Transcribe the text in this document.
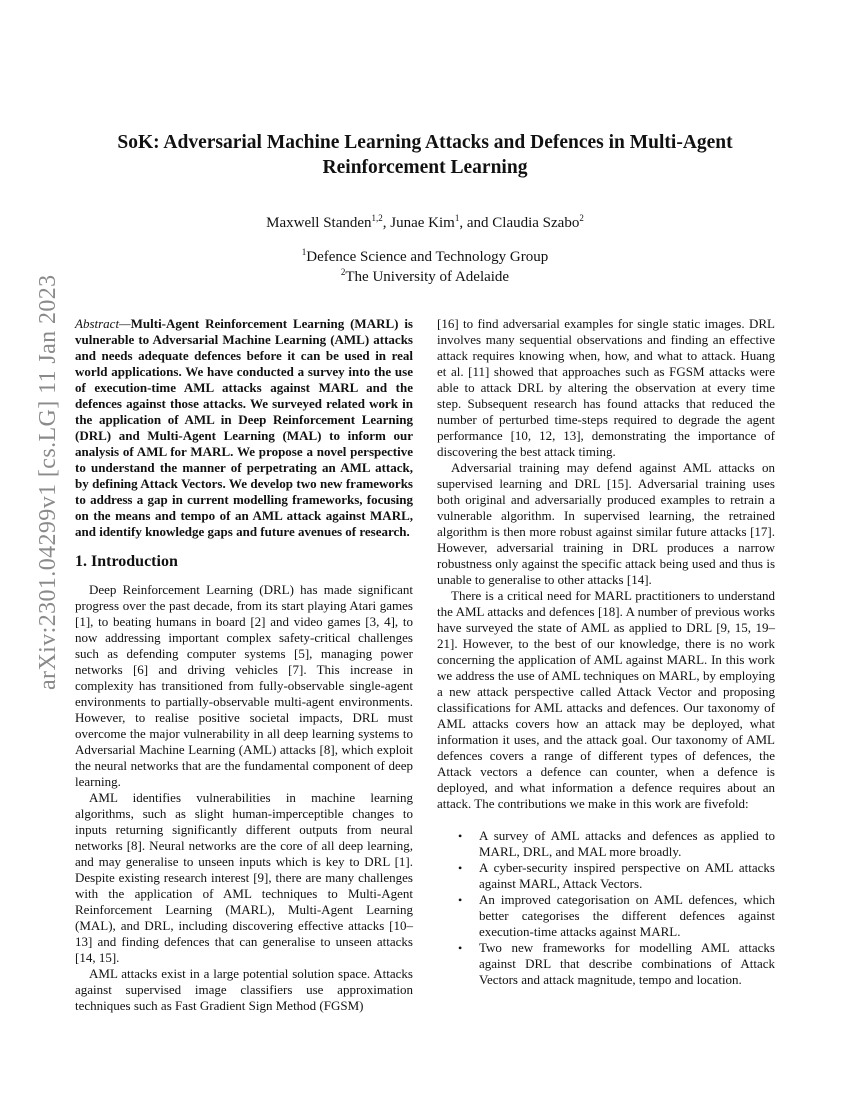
arXiv:2301.04299v1 [cs.LG] 11 Jan 2023
SoK: Adversarial Machine Learning Attacks and Defences in Multi-Agent Reinforcement Learning
Maxwell Standen$^{1,2}$, Junae Kim$^1$, and Claudia Szabo$^2$
$^1$Defence Science and Technology Group
$^2$The University of Adelaide

Abstract—Multi-Agent Reinforcement Learning (MARL) is vulnerable to Adversarial Machine Learning (AML) attacks and needs adequate defences before it can be used in real world applications. We have conducted a survey into the use of execution-time AML attacks against MARL and the defences against those attacks. We surveyed related work in the application of AML in Deep Reinforcement Learning (DRL) and Multi-Agent Learning (MAL) to inform our analysis of AML for MARL. We propose a novel perspective to understand the manner of perpetrating an AML attack, by defining Attack Vectors. We develop two new frameworks to address a gap in current modelling frameworks, focusing on the means and tempo of an AML attack against MARL, and identify knowledge gaps and future avenues of research.

1. Introduction

Deep Reinforcement Learning (DRL) has made significant progress over the past decade, from its start playing Atari games [1], to beating humans in board [2] and video games [3, 4], to now addressing important complex safety-critical challenges such as defending computer systems [5], managing power networks [6] and driving vehicles [7]. This increase in complexity has transitioned from fully-observable single-agent environments to partially-observable multi-agent environments. However, to realise positive societal impacts, DRL must overcome the major vulnerability in all deep learning systems to Adversarial Machine Learning (AML) attacks [8], which exploit the neural networks that are the fundamental component of deep learning.

AML identifies vulnerabilities in machine learning algorithms, such as slight human-imperceptible changes to inputs returning significantly different outputs from neural networks [8]. Neural networks are the core of all deep learning, and may generalise to unseen inputs which is key to DRL [1]. Despite existing research interest [9], there are many challenges with the application of AML techniques to Multi-Agent Reinforcement Learning (MARL), Multi-Agent Learning (MAL), and DRL, including discovering effective attacks [10–13] and finding defences that can generalise to unseen attacks [14, 15].

AML attacks exist in a large potential solution space. Attacks against supervised image classifiers use approximation techniques such as Fast Gradient Sign Method (FGSM)

[16] to find adversarial examples for single static images. DRL involves many sequential observations and finding an effective attack requires knowing when, how, and what to attack. Huang et al. [11] showed that approaches such as FGSM attacks were able to attack DRL by altering the observation at every time step. Subsequent research has found attacks that reduced the number of perturbed time-steps required to degrade the agent performance [10, 12, 13], demonstrating the importance of discovering the best attack timing.

Adversarial training may defend against AML attacks on supervised learning and DRL [15]. Adversarial training uses both original and adversarially produced examples to retrain a vulnerable algorithm. In supervised learning, the retrained algorithm is then more robust against similar future attacks [17]. However, adversarial training in DRL produces a narrow robustness only against the specific attack being used and thus is unable to generalise to other attacks [14].

There is a critical need for MARL practitioners to understand the AML attacks and defences [18]. A number of previous works have surveyed the state of AML as applied to DRL [9, 15, 19–21]. However, to the best of our knowledge, there is no work concerning the application of AML against MARL. In this work we address the use of AML techniques on MARL, by employing a new attack perspective called Attack Vector and proposing classifications for AML attacks and defences. Our taxonomy of AML attacks covers how an attack may be deployed, what information it uses, and the attack goal. Our taxonomy of AML defences covers a range of different types of defences, the Attack vectors a defence can counter, when a defence is deployed, and what information a defence requires about an attack. The contributions we make in this work are fivefold:

• A survey of AML attacks and defences as applied to MARL, DRL, and MAL more broadly.
• A cyber-security inspired perspective on AML attacks against MARL, Attack Vectors.
• An improved categorisation on AML defences, which better categorises the different defences against execution-time attacks against MARL.
• Two new frameworks for modelling AML attacks against DRL that describe combinations of Attack Vectors and attack magnitude, tempo and location.
